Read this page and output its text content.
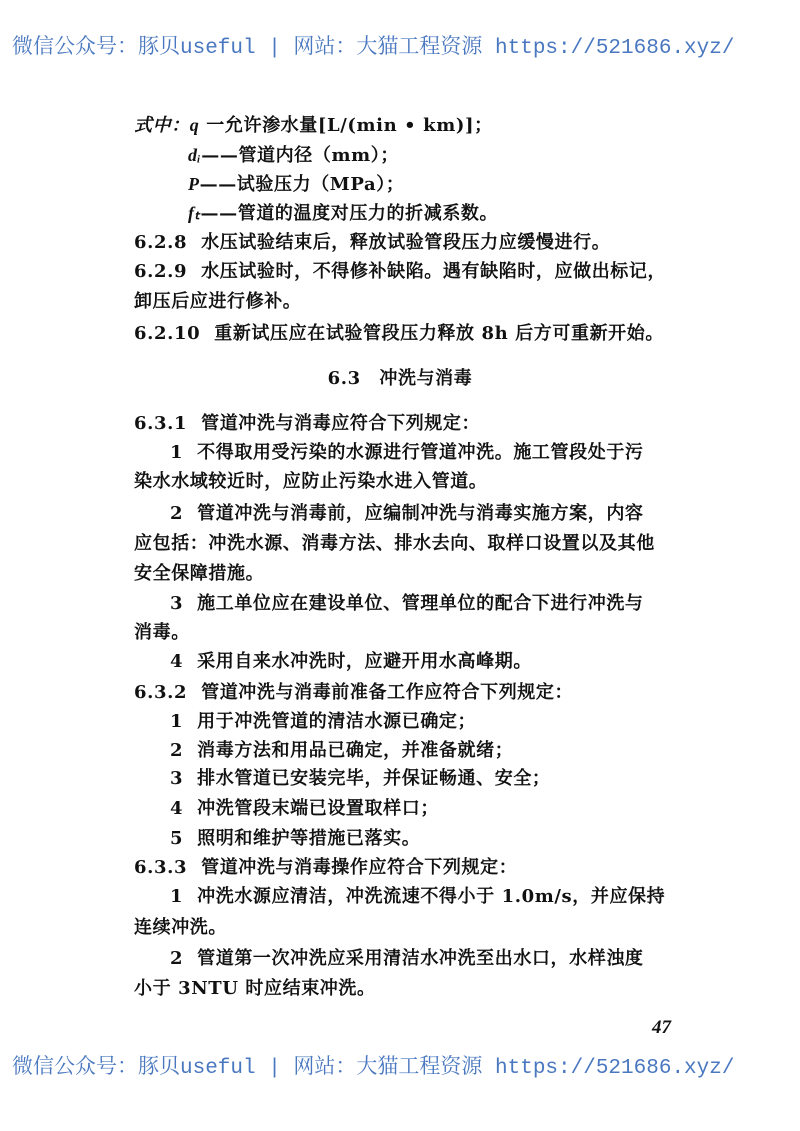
微信公众号：豚贝useful | 网站：大猫工程资源 https://521686.xyz/
式中：q 一允许渗水量[L/(min • km)]；
dᵢ——管道内径（mm）；
P——试验压力（MPa）；
fₜ——管道的温度对压力的折减系数。
6.2.8 水压试验结束后，释放试验管段压力应缓慢进行。
6.2.9 水压试验时，不得修补缺陷。遇有缺陷时，应做出标记，
卸压后应进行修补。
6.2.10 重新试压应在试验管段压力释放 8h 后方可重新开始。
6.3　冲洗与消毒
6.3.1 管道冲洗与消毒应符合下列规定：
1 不得取用受污染的水源进行管道冲洗。施工管段处于污
染水水域较近时，应防止污染水进入管道。
2 管道冲洗与消毒前，应编制冲洗与消毒实施方案，内容
应包括：冲洗水源、消毒方法、排水去向、取样口设置以及其他
安全保障措施。
3 施工单位应在建设单位、管理单位的配合下进行冲洗与
消毒。
4 采用自来水冲洗时，应避开用水高峰期。
6.3.2 管道冲洗与消毒前准备工作应符合下列规定：
1 用于冲洗管道的清洁水源已确定；
2 消毒方法和用品已确定，并准备就绪；
3 排水管道已安装完毕，并保证畅通、安全；
4 冲洗管段末端已设置取样口；
5 照明和维护等措施已落实。
6.3.3 管道冲洗与消毒操作应符合下列规定：
1 冲洗水源应清洁，冲洗流速不得小于 1.0m/s，并应保持
连续冲洗。
2 管道第一次冲洗应采用清洁水冲洗至出水口，水样浊度
小于 3NTU 时应结束冲洗。
47
微信公众号：豚贝useful | 网站：大猫工程资源 https://521686.xyz/
